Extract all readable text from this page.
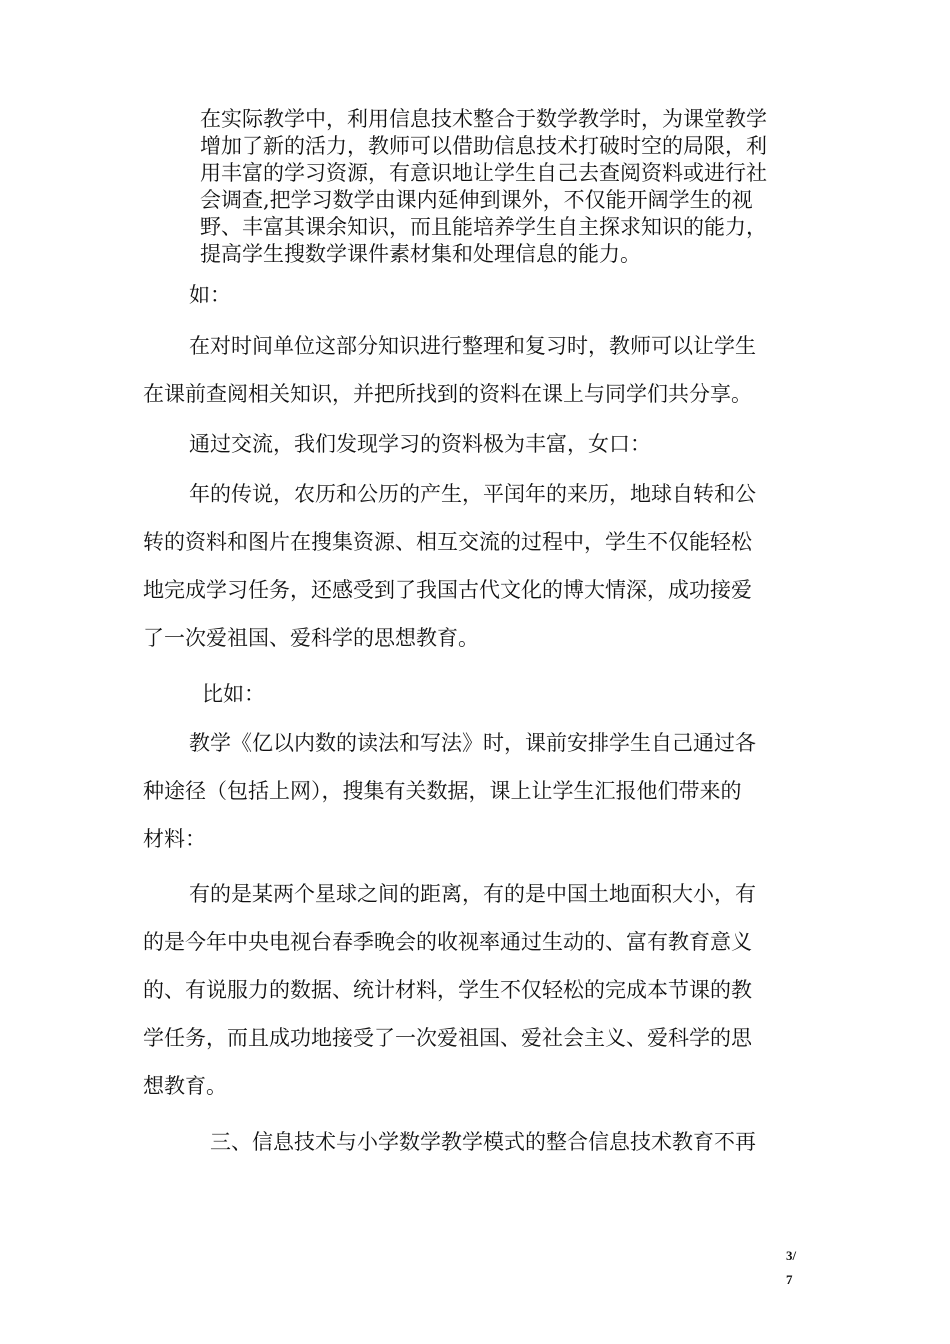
在实际教学中，利用信息技术整合于数学教学时，为课堂教学
增加了新的活力，教师可以借助信息技术打破时空的局限，利
用丰富的学习资源，有意识地让学生自己去查阅资料或进行社
会调查,把学习数学由课内延伸到课外，不仅能开阔学生的视
野、丰富其课余知识，而且能培养学生自主探求知识的能力，
提高学生搜数学课件素材集和处理信息的能力。
如：
在对时间单位这部分知识进行整理和复习时，教师可以让学生
在课前查阅相关知识，并把所找到的资料在课上与同学们共分享。
通过交流，我们发现学习的资料极为丰富，女口：
年的传说，农历和公历的产生，平闰年的来历，地球自转和公
转的资料和图片在搜集资源、相互交流的过程中，学生不仅能轻松
地完成学习任务，还感受到了我国古代文化的博大情深，成功接爱
了一次爱祖国、爱科学的思想教育。
比如：
教学《亿以内数的读法和写法》时，课前安排学生自己通过各
种途径（包括上网），搜集有关数据，课上让学生汇报他们带来的
材料：
有的是某两个星球之间的距离，有的是中国土地面积大小，有
的是今年中央电视台春季晚会的收视率通过生动的、富有教育意义
的、有说服力的数据、统计材料，学生不仅轻松的完成本节课的教
学任务，而且成功地接受了一次爱祖国、爱社会主义、爱科学的思
想教育。
三、信息技术与小学数学教学模式的整合信息技术教育不再
3/
7
